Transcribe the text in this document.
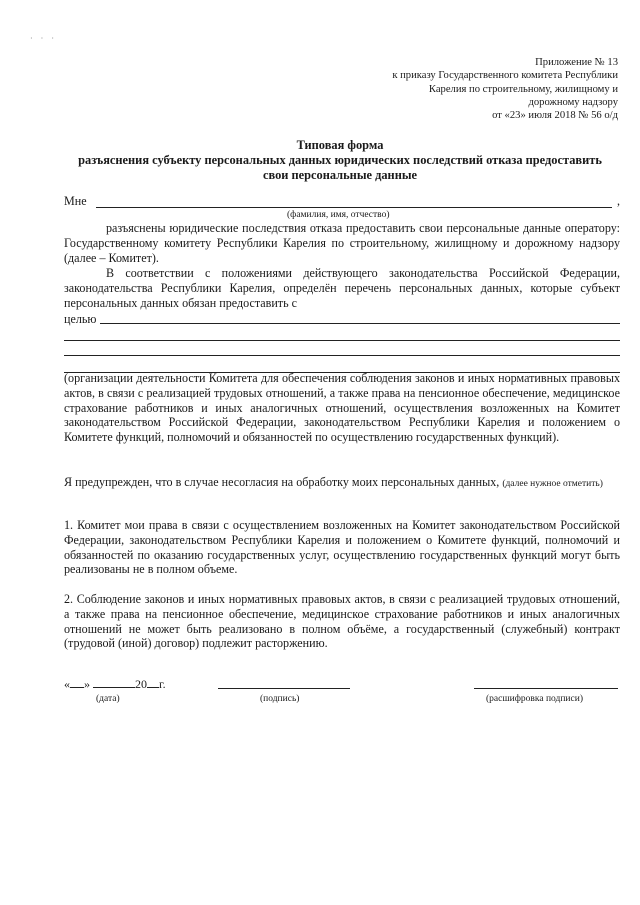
· · ·
Приложение № 13
к приказу Государственного комитета Республики
Карелия по строительному, жилищному и
дорожному надзору
от «23» июля 2018 № 56 о/д
Типовая форма
разъяснения субъекту персональных данных юридических последствий отказа предоставить
свои персональные данные
Мне	,
(фамилия, имя, отчество)
разъяснены юридические последствия отказа предоставить свои персональные данные оператору: Государственному комитету Республики Карелия по строительному, жилищному и дорожному надзору (далее – Комитет).
В соответствии с положениями действующего законодательства Российской Федерации, законодательства Республики Карелия, определён перечень персональных данных, которые субъект персональных данных обязан предоставить с
целью
(организации деятельности Комитета для обеспечения соблюдения законов и иных нормативных правовых актов, в связи с реализацией трудовых отношений, а также права на пенсионное обеспечение, медицинское страхование работников и иных аналогичных отношений, осуществления возложенных на Комитет законодательством Российской Федерации, законодательством Республики Карелия и положением о Комитете функций, полномочий и обязанностей по осуществлению государственных функций).
Я предупрежден, что в случае несогласия на обработку моих персональных данных, (далее нужное отметить)
1. Комитет мои права в связи с осуществлением возложенных на Комитет законодательством Российской Федерации, законодательством Республики Карелия и положением о Комитете функций, полномочий и обязанностей по оказанию государственных услуг, осуществлению государственных функций могут быть реализованы не в полном объеме.
2. Соблюдение законов и иных нормативных правовых актов, в связи с реализацией трудовых отношений, а также права на пенсионное обеспечение, медицинское страхование работников и иных аналогичных отношений не может быть реализовано в полном объёме, а государственный (служебный) контракт (трудовой (иной) договор) подлежит расторжению.
« »	20 г.
(дата)	(подпись)	(расшифровка подписи)
